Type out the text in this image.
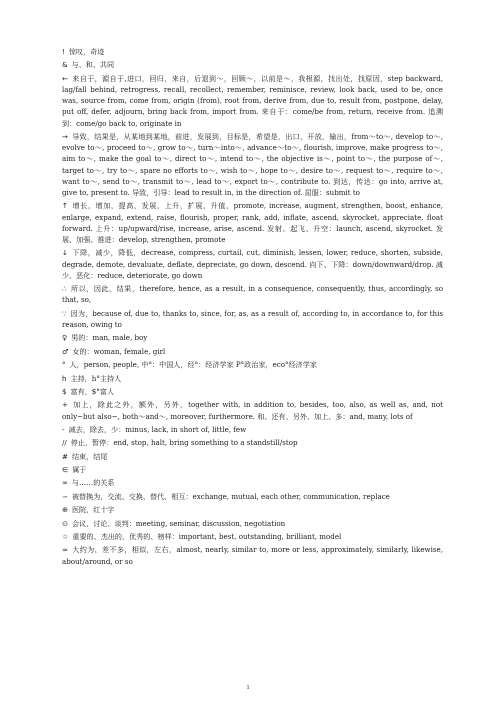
! 惊叹，奇迹

& 与、和、共同

← 来自于，源自于,进口，回归，来自，后退到～，回顾～，以前是～，我根源，找出处，找原因，step backward, lag/fall behind, retrogress, recall, recollect, remember, reminisce, review, look back, used to be, once was, source from, come from, origin (from), root from, derive from, due to, result from, postpone, delay, put off, defer, adjourn, bring back from, import from. 来自于：come/be from, return, receive from. 追溯到：come/go back to, originate in

→ 导致，结果是，从某地到某地，前进，发展到，目标是，希望是，出口，开放，输出，from～to～, develop to～, evolve to～, proceed to～, grow to～, turn～into～, advance～to～, flourish, improve, make progress to～, aim to～, make the goal to～, direct to～, intend to～, the objective is～, point to～, the purpose of～, target to～, try to～, spare no efforts to～, wish to～, hope to～, desire to～, request to～, require to～, want to～, send to～, transmit to～, lead to～, export to～, contribute to. 到达，传达：go into, arrive at, give to, present to. 导致，引导：lead to result in, in the direction of. 屈服：submit to

↑ 增长，增加，提高，发展，上升，扩展，升值，promote, increase, augment, strengthen, boost, enhance, enlarge, expand, extend, raise, flourish, proper, rank, add, inflate, ascend, skyrocket, appreciate, float forward. 上升：up/upward/rise, increase, arise, ascend. 发射、起飞、升空：launch, ascend, skyrocket. 发展、加强、推进：develop, strengthen, promote

↓ 下降，减少，降低，decrease, compress, curtail, cut, diminish, lessen, lower, reduce, shorten, subside, degrade, demote, devaluate, deflate, depreciate, go down, descend. 向下、下降：down/downward/drop. 减少、恶化：reduce, deteriorate, go down

∴ 所以，因此，结果，therefore, hence, as a result, in a consequence, consequently, thus, accordingly, so that, so,

∵ 因为，because of, due to, thanks to, since, for, as, as a result of, according to, in accordance to, for this reason, owing to

♀ 男的：man, male, boy

♂ 女的：woman, female, girl

° 人，person, people, 中°：中国人，经°：经济学家 P°政治家，eco°经济学家

h 主持，h°主持人

$ 富有，$°富人

+ 加上，除此之外，额外，另外，together with, in addition to, besides, too, also, as well as, and, not only~but also~, both～and～, moreover, furthermore. 和、还有、另外、加上、多：and, many, lots of

- 减去，除去，少：minus, lack, in short of, little, few

// 停止，暂停：end, stop, halt, bring something to a standstill/stop

# 结束，结尾

∈ 属于

∞ 与……的关系

∽ 被替换为，交流、交换、替代、相互：exchange, mutual, each other, communication, replace

⊕ 医院，红十字

⊙ 会议、讨论、谈判：meeting, seminar, discussion, negotiation

☆ 重要的、杰出的，优秀的、榜样：important, best, outstanding, brilliant, model

≈ 大约为，差不多，相似，左右，almost, nearly, similar to, more or less, approximately, similarly, likewise, about/around, or so

1
